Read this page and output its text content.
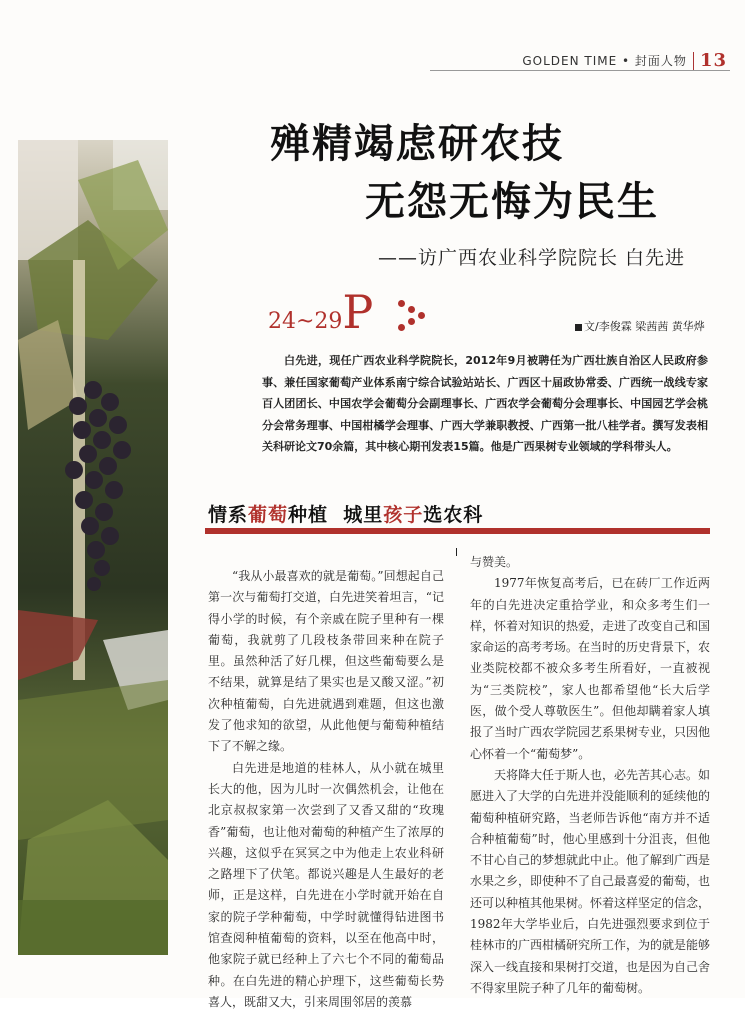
GOLDEN TIME • 封面人物 13
殚精竭虑研农技
无怨无悔为民生
——访广西农业科学院院长 白先进
24~29P	文/李俊霖 梁茜茜 黄华烨
白先进，现任广西农业科学院院长，2012年9月被聘任为广西壮族自治区人民政府参事、兼任国家葡萄产业体系南宁综合试验站站长、广西区十届政协常委、广西统一战线专家百人团团长、中国农学会葡萄分会副理事长、广西农学会葡萄分会理事长、中国园艺学会桃分会常务理事、中国柑橘学会理事、广西大学兼职教授、广西第一批八桂学者。撰写发表相关科研论文70余篇，其中核心期刊发表15篇。他是广西果树专业领域的学科带头人。
情系葡萄种植  城里孩子选农科

“我从小最喜欢的就是葡萄。”回想起自己第一次与葡萄打交道，白先进笑着坦言，“记得小学的时候，有个亲戚在院子里种有一棵葡萄，我就剪了几段枝条带回来种在院子里。虽然种活了好几棵，但这些葡萄要么是不结果，就算是结了果实也是又酸又涩。”初次种植葡萄，白先进就遇到难题，但这也激发了他求知的欲望，从此他便与葡萄种植结下了不解之缘。

白先进是地道的桂林人，从小就在城里长大的他，因为儿时一次偶然机会，让他在北京叔叔家第一次尝到了又香又甜的“玫瑰香”葡萄，也让他对葡萄的种植产生了浓厚的兴趣，这似乎在冥冥之中为他走上农业科研之路埋下了伏笔。都说兴趣是人生最好的老师，正是这样，白先进在小学时就开始在自家的院子学种葡萄，中学时就懂得钻进图书馆查阅种植葡萄的资料，以至在他高中时，他家院子就已经种上了六七个不同的葡萄品种。在白先进的精心护理下，这些葡萄长势喜人，既甜又大，引来周围邻居的羡慕

与赞美。

1977年恢复高考后，已在砖厂工作近两年的白先进决定重拾学业，和众多考生们一样，怀着对知识的热爱，走进了改变自己和国家命运的高考考场。在当时的历史背景下，农业类院校都不被众多考生所看好，一直被视为“三类院校”，家人也都希望他“长大后学医，做个受人尊敬医生”。但他却瞒着家人填报了当时广西农学院园艺系果树专业，只因他心怀着一个“葡萄梦”。

天将降大任于斯人也，必先苦其心志。如愿进入了大学的白先进并没能顺利的延续他的葡萄种植研究路，当老师告诉他“南方并不适合种植葡萄”时，他心里感到十分沮丧，但他不甘心自己的梦想就此中止。他了解到广西是水果之乡，即使种不了自己最喜爱的葡萄，也还可以种植其他果树。怀着这样坚定的信念，1982年大学毕业后，白先进强烈要求到位于桂林市的广西柑橘研究所工作，为的就是能够深入一线直接和果树打交道，也是因为自己舍不得家里院子种了几年的葡萄树。
